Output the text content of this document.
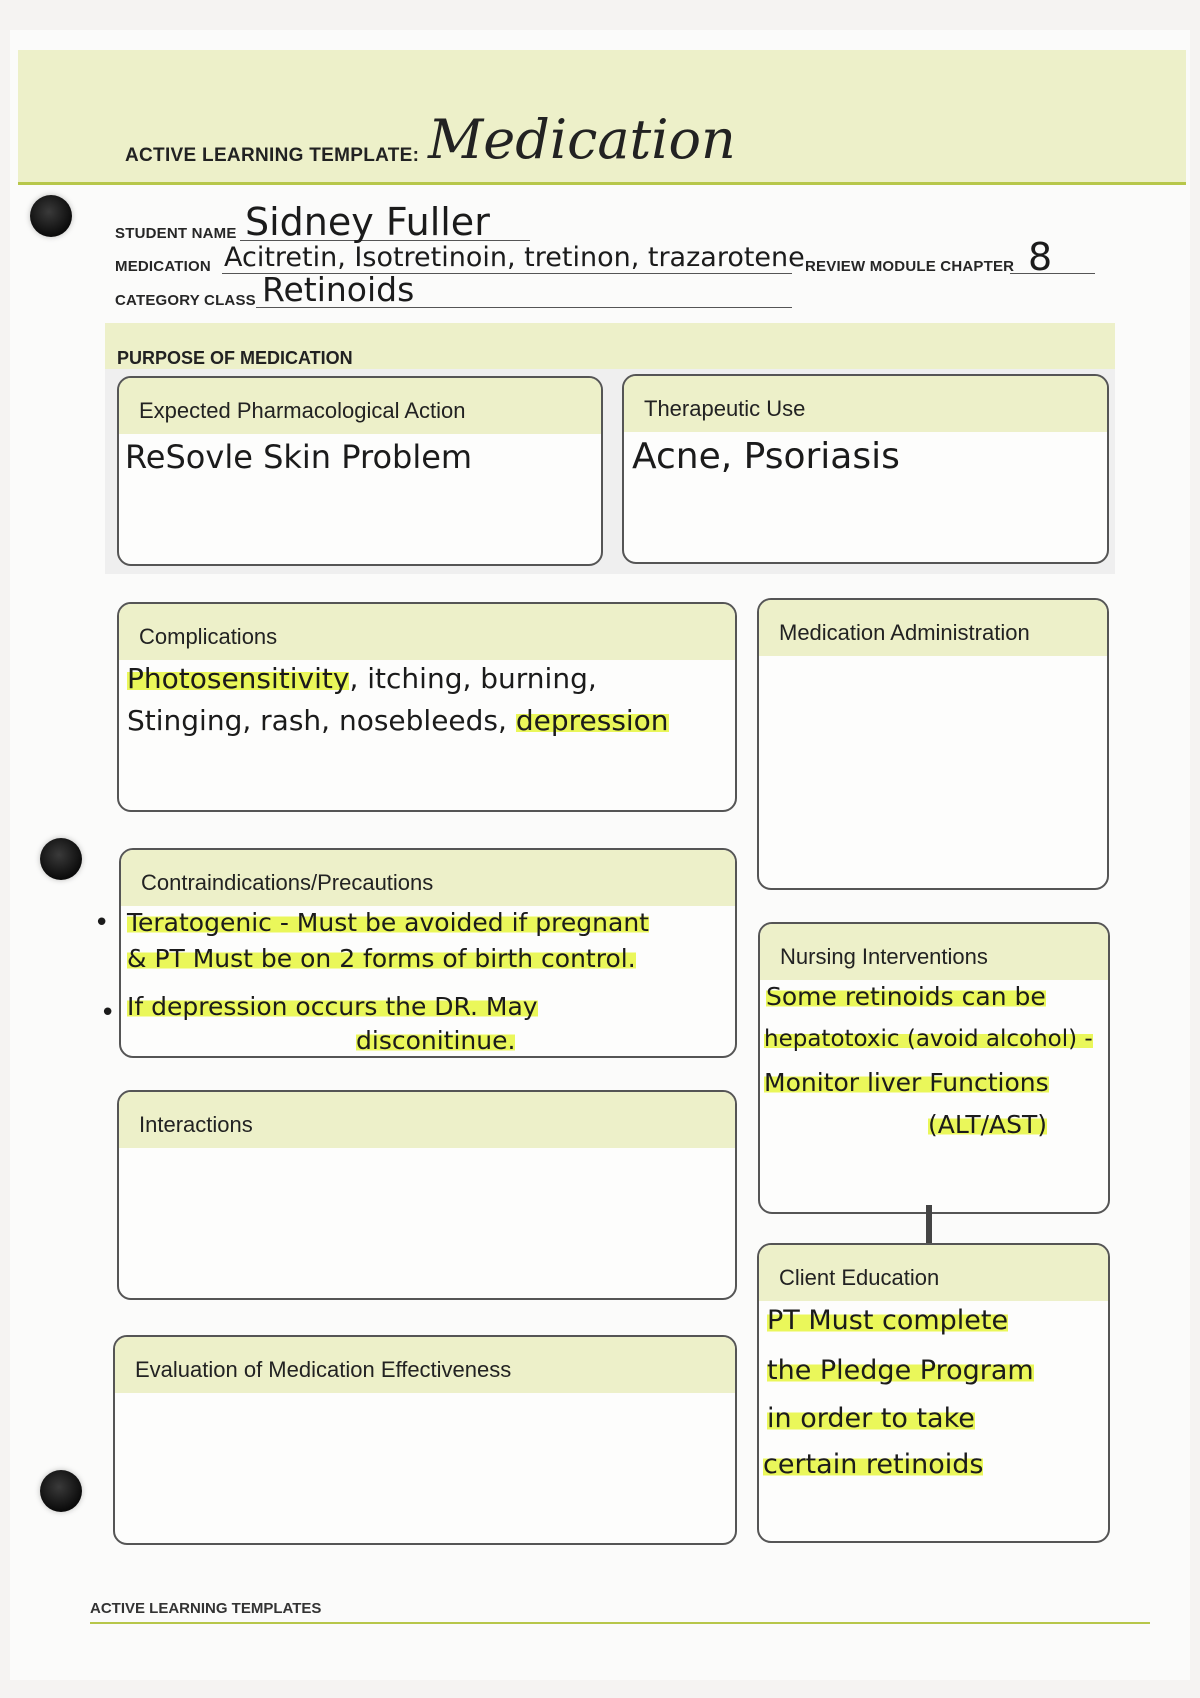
ACTIVE LEARNING TEMPLATE: Medication
STUDENT NAME Sidney Fuller
MEDICATION Acitretin, Isotretinoin, tretinon, trazarotene REVIEW MODULE CHAPTER 8
CATEGORY CLASS Retinoids
PURPOSE OF MEDICATION
Expected Pharmacological Action
ReSovle Skin Problem
Therapeutic Use
Acne, Psoriasis
Complications
Photosensitivity, itching, burning,
Stinging, rash, nosebleeds, depression
Medication Administration
Contraindications/Precautions
Teratogenic - Must be avoided if pregnant
& PT Must be on 2 forms of birth control.
If depression occurs the DR. May
disconitinue.
•
•
Nursing Interventions
Some retinoids can be
hepatotoxic (avoid alcohol) -
Monitor liver Functions
(ALT/AST)
Interactions
Client Education
PT Must complete
the Pledge Program
in order to take
certain retinoids
Evaluation of Medication Effectiveness
ACTIVE LEARNING TEMPLATES
